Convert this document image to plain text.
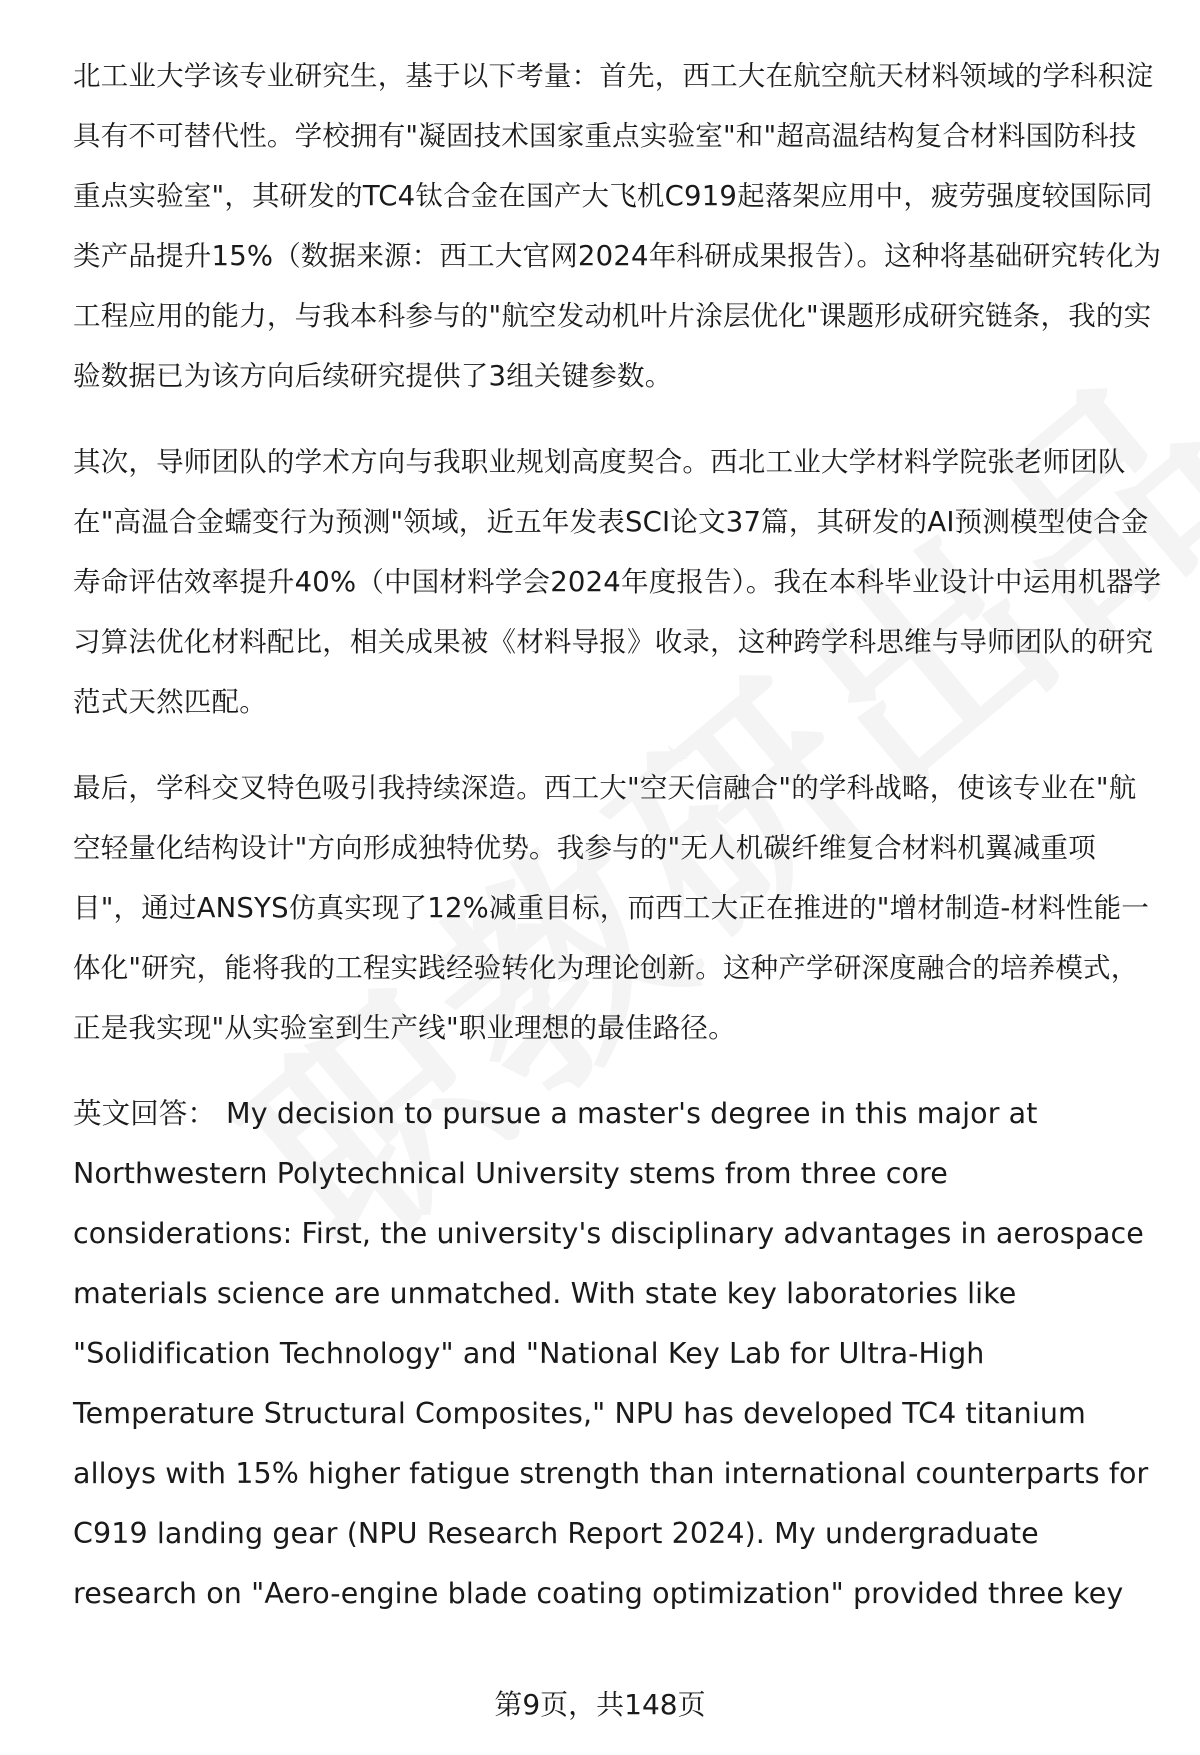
北工业大学该专业研究生，基于以下考量：首先，西工大在航空航天材料领域的学科积淀具有不可替代性。学校拥有"凝固技术国家重点实验室"和"超高温结构复合材料国防科技重点实验室"，其研发的TC4钛合金在国产大飞机C919起落架应用中，疲劳强度较国际同类产品提升15%（数据来源：西工大官网2024年科研成果报告）。这种将基础研究转化为工程应用的能力，与我本科参与的"航空发动机叶片涂层优化"课题形成研究链条，我的实验数据已为该方向后续研究提供了3组关键参数。

其次，导师团队的学术方向与我职业规划高度契合。西北工业大学材料学院张老师团队在"高温合金蠕变行为预测"领域，近五年发表SCI论文37篇，其研发的AI预测模型使合金寿命评估效率提升40%（中国材料学会2024年度报告）。我在本科毕业设计中运用机器学习算法优化材料配比，相关成果被《材料导报》收录，这种跨学科思维与导师团队的研究范式天然匹配。

最后，学科交叉特色吸引我持续深造。西工大"空天信融合"的学科战略，使该专业在"航空轻量化结构设计"方向形成独特优势。我参与的"无人机碳纤维复合材料机翼减重项目"，通过ANSYS仿真实现了12%减重目标，而西工大正在推进的"增材制造-材料性能一体化"研究，能将我的工程实践经验转化为理论创新。这种产学研深度融合的培养模式，正是我实现"从实验室到生产线"职业理想的最佳路径。

英文回答： My decision to pursue a master's degree in this major at Northwestern Polytechnical University stems from three core considerations: First, the university's disciplinary advantages in aerospace materials science are unmatched. With state key laboratories like "Solidification Technology" and "National Key Lab for Ultra-High Temperature Structural Composites," NPU has developed TC4 titanium alloys with 15% higher fatigue strength than international counterparts for C919 landing gear (NPU Research Report 2024). My undergraduate research on "Aero-engine blade coating optimization" provided three key

第9页，共148页
